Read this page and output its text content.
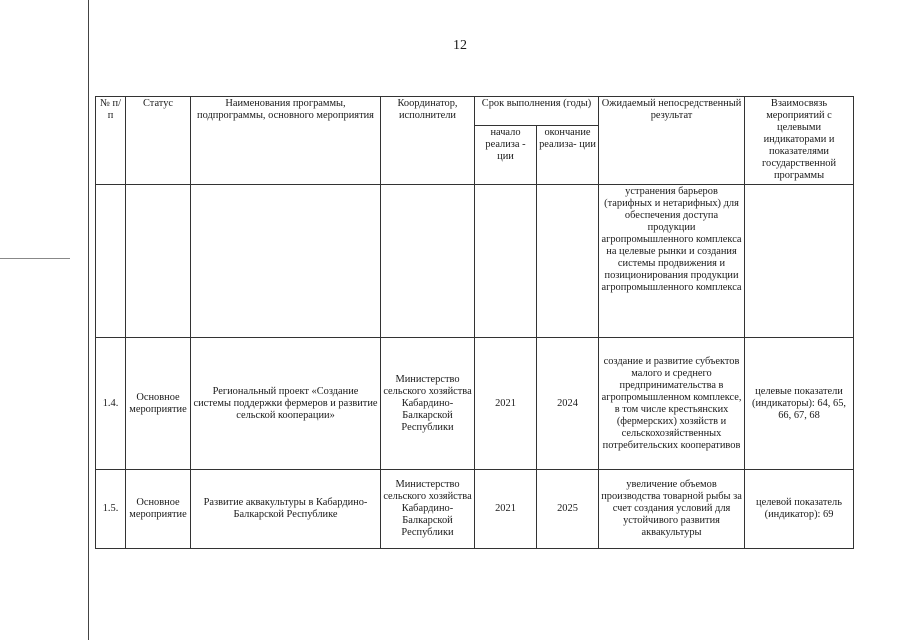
12
№ п/п	Статус	Наименования программы, подпрограммы, основного мероприятия	Координатор, исполнители	Срок выполнения (годы)		Ожидаемый непосредственный результат	Взаимосвязь мероприятий с целевыми индикаторами и показателями государственной программы
				начало реализа - ции	окончание реализа- ции		
						устранения барьеров (тарифных и нетарифных) для обеспечения доступа продукции агропромышленного комплекса на целевые рынки и создания системы продвижения и позиционирования продукции агропромышленного комплекса	
1.4.	Основное мероприятие	Региональный проект «Создание системы поддержки фермеров и развитие сельской кооперации»	Министерство сельского хозяйства Кабардино-Балкарской Республики	2021	2024	создание и развитие субъектов малого и среднего предпринимательства в агропромышленном комплексе, в том числе крестьянских (фермерских) хозяйств и сельскохозяйственных потребительских кооперативов	целевые показатели (индикаторы): 64, 65, 66, 67, 68
1.5.	Основное мероприятие	Развитие аквакультуры в Кабардино-Балкарской Республике	Министерство сельского хозяйства Кабардино-Балкарской Республики	2021	2025	увеличение объемов производства товарной рыбы за счет создания условий для устойчивого развития аквакультуры	целевой показатель (индикатор): 69
